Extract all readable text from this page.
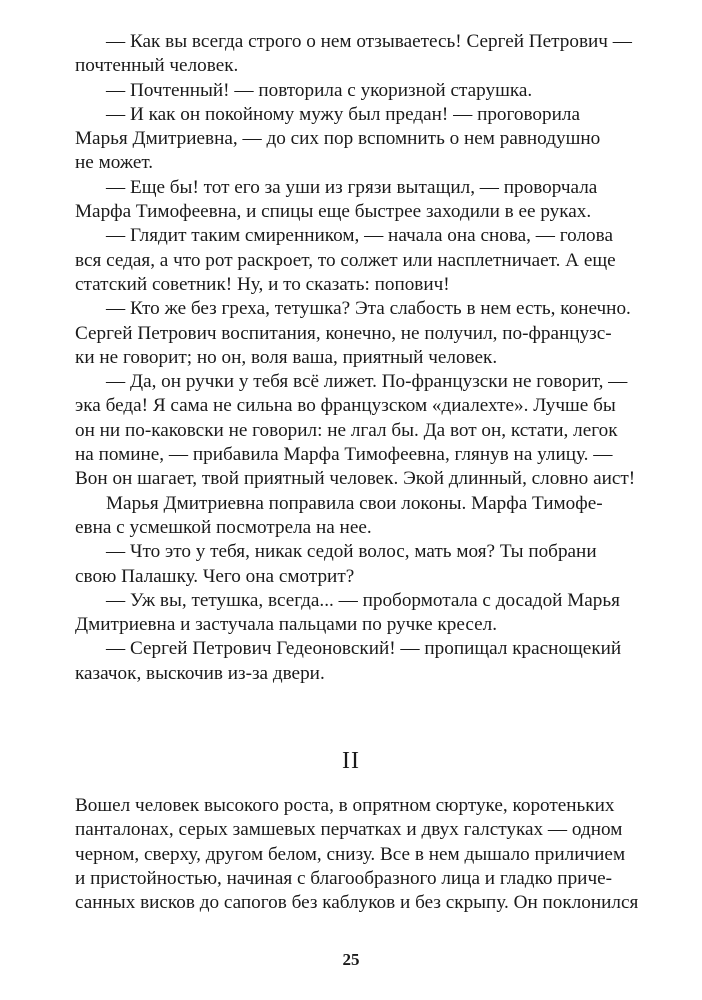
— Как вы всегда строго о нем отзываетесь! Сергей Петрович —
почтенный человек.

— Почтенный! — повторила с укоризной старушка.

— И как он покойному мужу был предан! — проговорила
Марья Дмитриевна, — до сих пор вспомнить о нем равнодушно
не может.

— Еще бы! тот его за уши из грязи вытащил, — проворчала
Марфа Тимофеевна, и спицы еще быстрее заходили в ее руках.

— Глядит таким смиренником, — начала она снова, — голова
вся седая, а что рот раскроет, то солжет или насплетничает. А еще
статский советник! Ну, и то сказать: попович!

— Кто же без греха, тетушка? Эта слабость в нем есть, конечно.
Сергей Петрович воспитания, конечно, не получил, по-французс-
ки не говорит; но он, воля ваша, приятный человек.

— Да, он ручки у тебя всё лижет. По-французски не говорит, —
эка беда! Я сама не сильна во французском «диалехте». Лучше бы
он ни по-каковски не говорил: не лгал бы. Да вот он, кстати, легок
на помине, — прибавила Марфа Тимофеевна, глянув на улицу. —
Вон он шагает, твой приятный человек. Экой длинный, словно аист!

Марья Дмитриевна поправила свои локоны. Марфа Тимофе-
евна с усмешкой посмотрела на нее.

— Что это у тебя, никак седой волос, мать моя? Ты побрани
свою Палашку. Чего она смотрит?

— Уж вы, тетушка, всегда... — пробормотала с досадой Марья
Дмитриевна и застучала пальцами по ручке кресел.

— Сергей Петрович Гедеоновский! — пропищал краснощекий
казачок, выскочив из-за двери.

II

Вошел человек высокого роста, в опрятном сюртуке, коротеньких
панталонах, серых замшевых перчатках и двух галстуках — одном
черном, сверху, другом белом, снизу. Все в нем дышало приличием
и пристойностью, начиная с благообразного лица и гладко приче-
санных висков до сапогов без каблуков и без скрыпу. Он поклонился

25
